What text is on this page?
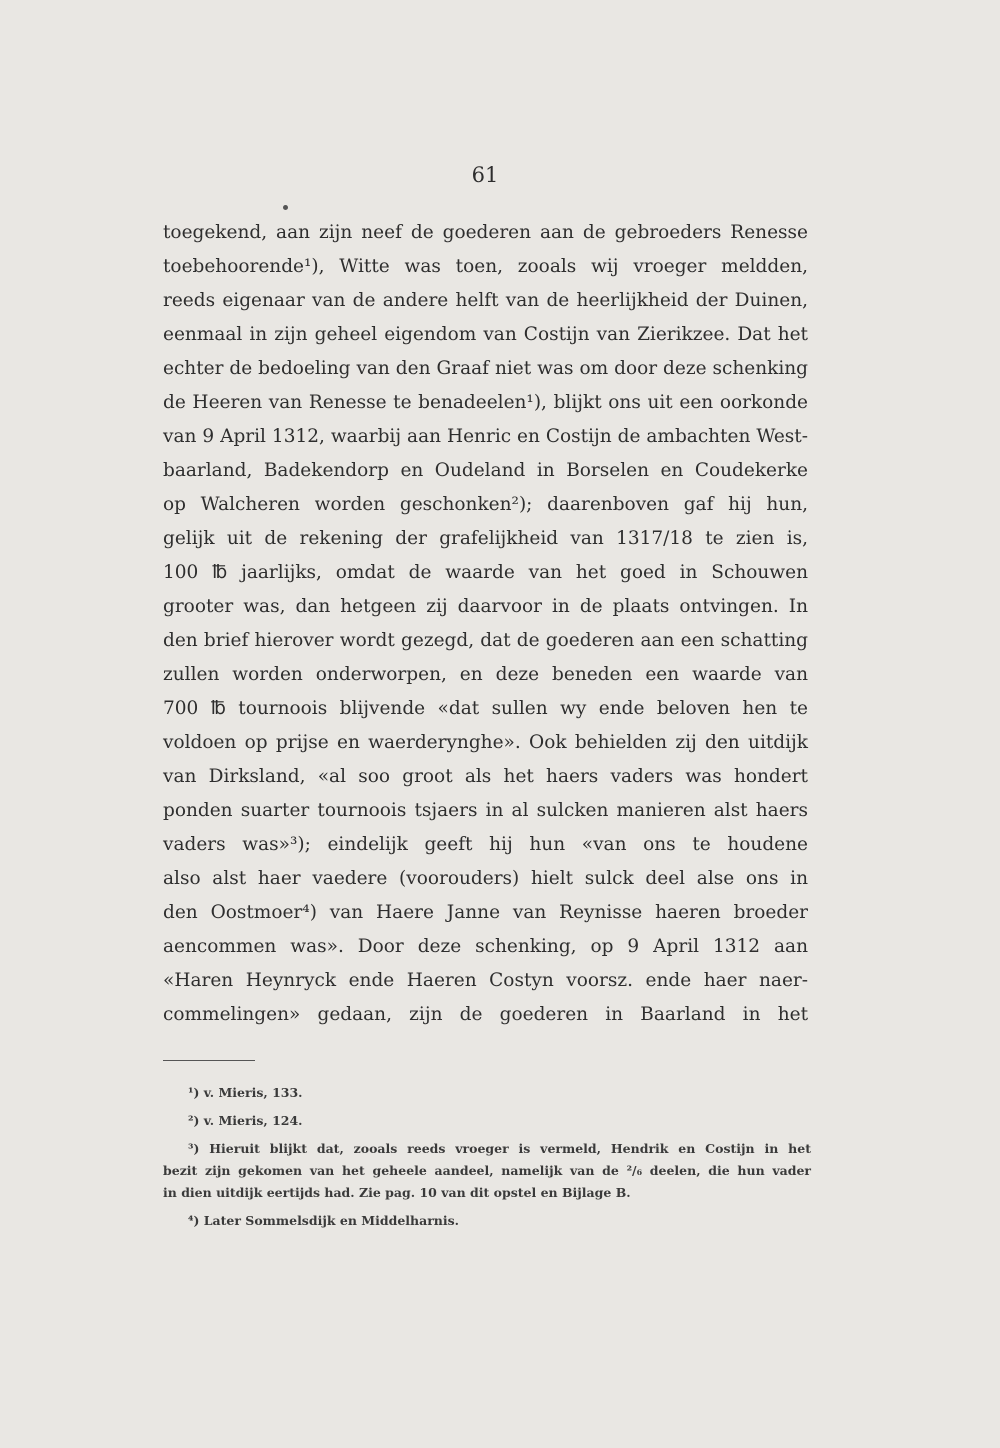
61
toegekend, aan zijn neef de goederen aan de gebroeders Renesse
toebehoorende¹), Witte was toen, zooals wij vroeger meldden,
reeds eigenaar van de andere helft van de heerlijkheid der Duinen,
eenmaal in zijn geheel eigendom van Costijn van Zierikzee. Dat het
echter de bedoeling van den Graaf niet was om door deze schenking
de Heeren van Renesse te benadeelen¹), blijkt ons uit een oorkonde
van 9 April 1312, waarbij aan Henric en Costijn de ambachten West-
baarland, Badekendorp en Oudeland in Borselen en Coudekerke
op Walcheren worden geschonken²); daarenboven gaf hij hun,
gelijk uit de rekening der grafelijkheid van 1317/18 te zien is,
100 ℔ jaarlijks, omdat de waarde van het goed in Schouwen
grooter was, dan hetgeen zij daarvoor in de plaats ontvingen. In
den brief hierover wordt gezegd, dat de goederen aan een schatting
zullen worden onderworpen, en deze beneden een waarde van
700 ℔ tournoois blijvende «dat sullen wy ende beloven hen te
voldoen op prijse en waerderynghe». Ook behielden zij den uitdijk
van Dirksland, «al soo groot als het haers vaders was hondert
ponden suarter tournoois tsjaers in al sulcken manieren alst haers
vaders was»³); eindelijk geeft hij hun «van ons te houdene
also alst haer vaedere (voorouders) hielt sulck deel alse ons in
den Oostmoer⁴) van Haere Janne van Reynisse haeren broeder
aencommen was». Door deze schenking, op 9 April 1312 aan
«Haren Heynryck ende Haeren Costyn voorsz. ende haer naer-
commelingen» gedaan, zijn de goederen in Baarland in het
¹) v. Mieris, 133.
²) v. Mieris, 124.
³) Hieruit blijkt dat, zooals reeds vroeger is vermeld, Hendrik en Costijn in het
bezit zijn gekomen van het geheele aandeel, namelijk van de ²/₆ deelen, die hun vader
in dien uitdijk eertijds had. Zie pag. 10 van dit opstel en Bijlage B.
⁴) Later Sommelsdijk en Middelharnis.
